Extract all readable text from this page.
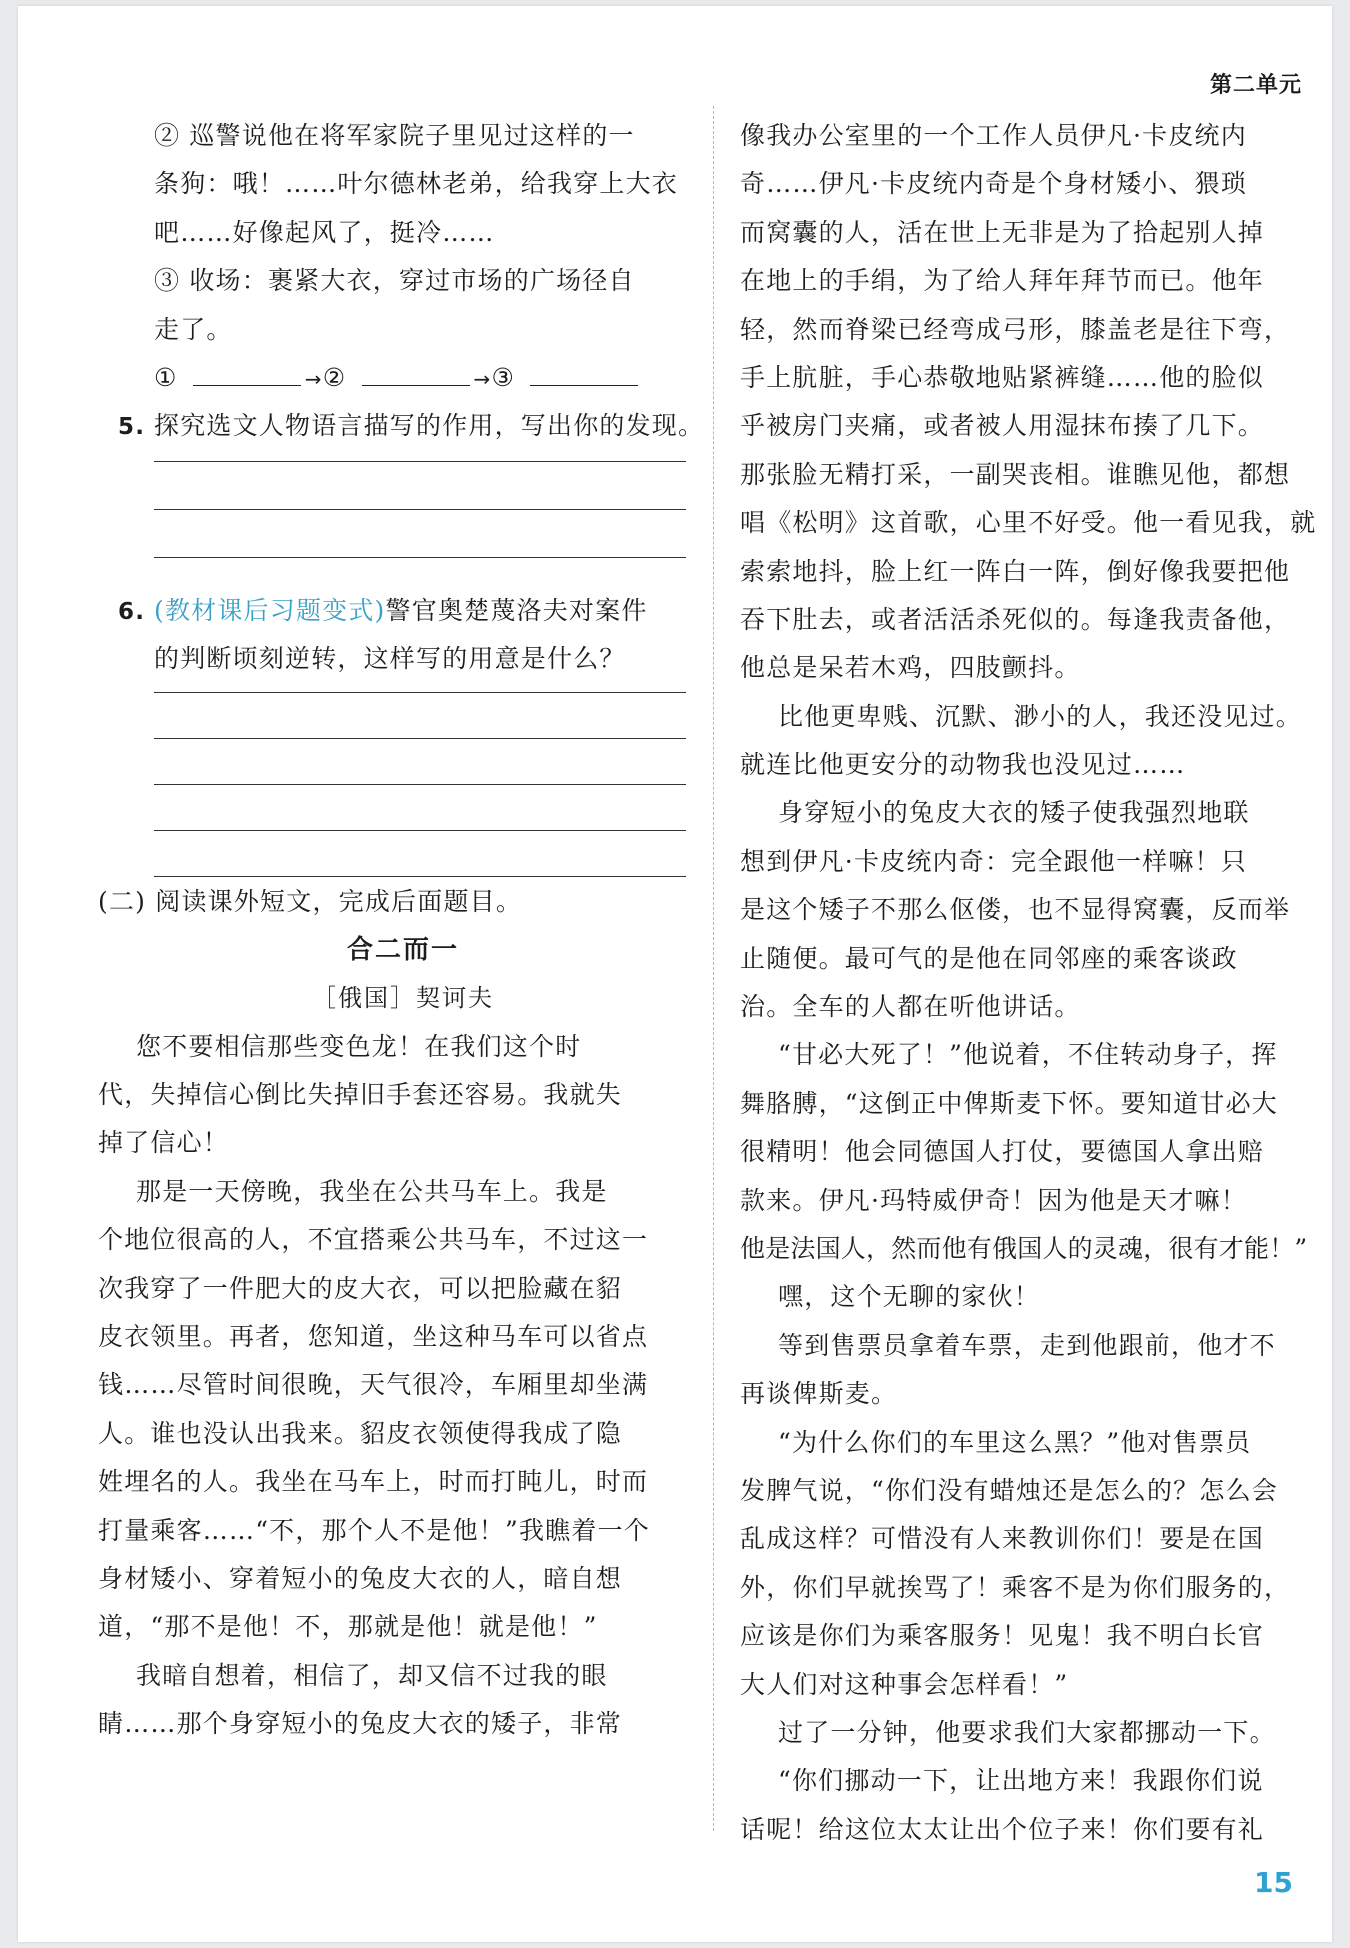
第二单元
② 巡警说他在将军家院子里见过这样的一
条狗：哦！……叶尔德林老弟，给我穿上大衣
吧……好像起风了，挺冷……
③ 收场：裹紧大衣，穿过市场的广场径自
走了。
①	→②	→③
5. 探究选文人物语言描写的作用，写出你的发现。
6. (教材课后习题变式)警官奥楚蔑洛夫对案件
的判断顷刻逆转，这样写的用意是什么？
(二) 阅读课外短文，完成后面题目。
合二而一
［俄国］契诃夫
您不要相信那些变色龙！在我们这个时
代，失掉信心倒比失掉旧手套还容易。我就失
掉了信心！
那是一天傍晚，我坐在公共马车上。我是
个地位很高的人，不宜搭乘公共马车，不过这一
次我穿了一件肥大的皮大衣，可以把脸藏在貂
皮衣领里。再者，您知道，坐这种马车可以省点
钱……尽管时间很晚，天气很冷，车厢里却坐满
人。谁也没认出我来。貂皮衣领使得我成了隐
姓埋名的人。我坐在马车上，时而打盹儿，时而
打量乘客……“不，那个人不是他！”我瞧着一个
身材矮小、穿着短小的兔皮大衣的人，暗自想
道，“那不是他！不，那就是他！就是他！”
我暗自想着，相信了，却又信不过我的眼
睛……那个身穿短小的兔皮大衣的矮子，非常
像我办公室里的一个工作人员伊凡·卡皮统内
奇……伊凡·卡皮统内奇是个身材矮小、猥琐
而窝囊的人，活在世上无非是为了拾起别人掉
在地上的手绢，为了给人拜年拜节而已。他年
轻，然而脊梁已经弯成弓形，膝盖老是往下弯，
手上肮脏，手心恭敬地贴紧裤缝……他的脸似
乎被房门夹痛，或者被人用湿抹布揍了几下。
那张脸无精打采，一副哭丧相。谁瞧见他，都想
唱《松明》这首歌，心里不好受。他一看见我，就
索索地抖，脸上红一阵白一阵，倒好像我要把他
吞下肚去，或者活活杀死似的。每逢我责备他，
他总是呆若木鸡，四肢颤抖。
比他更卑贱、沉默、渺小的人，我还没见过。
就连比他更安分的动物我也没见过……
身穿短小的兔皮大衣的矮子使我强烈地联
想到伊凡·卡皮统内奇：完全跟他一样嘛！只
是这个矮子不那么伛偻，也不显得窝囊，反而举
止随便。最可气的是他在同邻座的乘客谈政
治。全车的人都在听他讲话。
“甘必大死了！”他说着，不住转动身子，挥
舞胳膊，“这倒正中俾斯麦下怀。要知道甘必大
很精明！他会同德国人打仗，要德国人拿出赔
款来。伊凡·玛特威伊奇！因为他是天才嘛！
他是法国人，然而他有俄国人的灵魂，很有才能！”
嘿，这个无聊的家伙！
等到售票员拿着车票，走到他跟前，他才不
再谈俾斯麦。
“为什么你们的车里这么黑？”他对售票员
发脾气说，“你们没有蜡烛还是怎么的？怎么会
乱成这样？可惜没有人来教训你们！要是在国
外，你们早就挨骂了！乘客不是为你们服务的，
应该是你们为乘客服务！见鬼！我不明白长官
大人们对这种事会怎样看！”
过了一分钟，他要求我们大家都挪动一下。
“你们挪动一下，让出地方来！我跟你们说
话呢！给这位太太让出个位子来！你们要有礼
15
